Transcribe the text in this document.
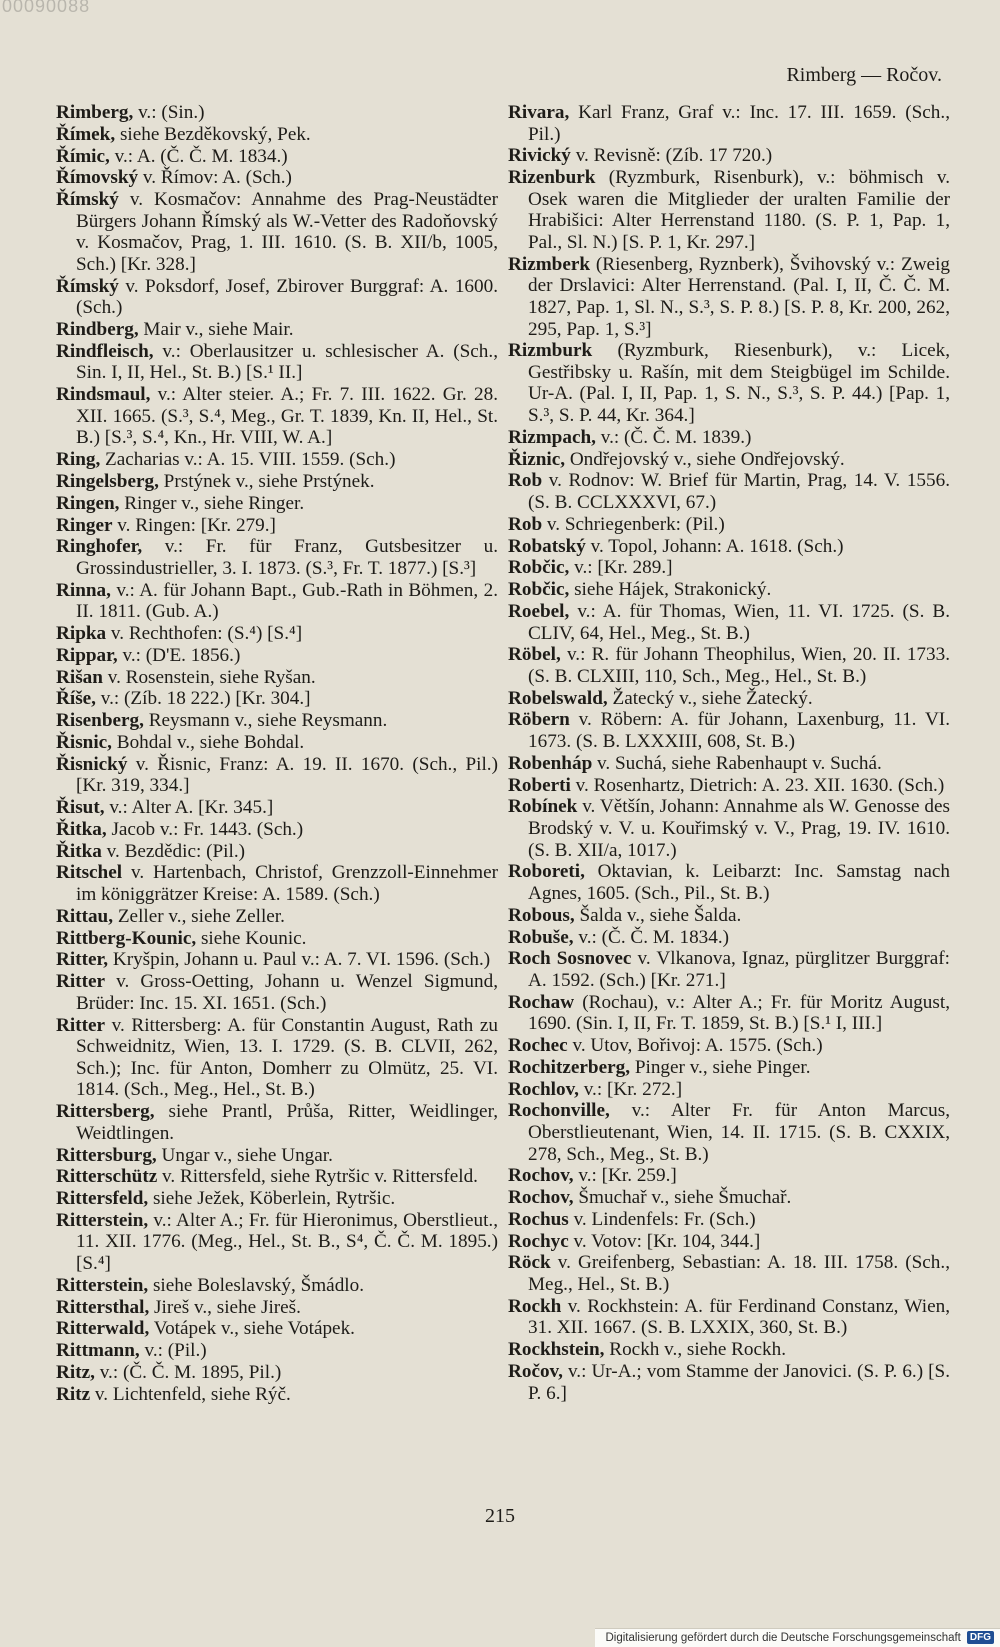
00090088
Rimberg — Ročov.
Rimberg, v.: (Sin.)
Římek, siehe Bezděkovský, Pek.
Římic, v.: A. (Č. Č. M. 1834.)
Římovský v. Římov: A. (Sch.)
Římský v. Kosmačov: Annahme des Prag-Neustädter Bürgers Johann Římský als W.-Vetter des Radoňovský v. Kosmačov, Prag, 1. III. 1610. (S. B. XII/b, 1005, Sch.) [Kr. 328.]
Římský v. Poksdorf, Josef, Zbirover Burggraf: A. 1600. (Sch.)
Rindberg, Mair v., siehe Mair.
Rindfleisch, v.: Oberlausitzer u. schlesischer A. (Sch., Sin. I, II, Hel., St. B.) [S.¹ II.]
Rindsmaul, v.: Alter steier. A.; Fr. 7. III. 1622. Gr. 28. XII. 1665. (S.³, S.⁴, Meg., Gr. T. 1839, Kn. II, Hel., St. B.) [S.³, S.⁴, Kn., Hr. VIII, W. A.]
Ring, Zacharias v.: A. 15. VIII. 1559. (Sch.)
Ringelsberg, Prstýnek v., siehe Prstýnek.
Ringen, Ringer v., siehe Ringer.
Ringer v. Ringen: [Kr. 279.]
Ringhofer, v.: Fr. für Franz, Gutsbesitzer u. Grossindustrieller, 3. I. 1873. (S.³, Fr. T. 1877.) [S.³]
Rinna, v.: A. für Johann Bapt., Gub.-Rath in Böhmen, 2. II. 1811. (Gub. A.)
Ripka v. Rechthofen: (S.⁴) [S.⁴]
Rippar, v.: (D'E. 1856.)
Rišan v. Rosenstein, siehe Ryšan.
Říše, v.: (Zíb. 18 222.) [Kr. 304.]
Risenberg, Reysmann v., siehe Reysmann.
Řisnic, Bohdal v., siehe Bohdal.
Řisnický v. Řisnic, Franz: A. 19. II. 1670. (Sch., Pil.) [Kr. 319, 334.]
Řisut, v.: Alter A. [Kr. 345.]
Řitka, Jacob v.: Fr. 1443. (Sch.)
Řitka v. Bezdědic: (Pil.)
Ritschel v. Hartenbach, Christof, Grenzzoll-Einnehmer im königgrätzer Kreise: A. 1589. (Sch.)
Rittau, Zeller v., siehe Zeller.
Rittberg-Kounic, siehe Kounic.
Ritter, Kryšpin, Johann u. Paul v.: A. 7. VI. 1596. (Sch.)
Ritter v. Gross-Oetting, Johann u. Wenzel Sigmund, Brüder: Inc. 15. XI. 1651. (Sch.)
Ritter v. Rittersberg: A. für Constantin August, Rath zu Schweidnitz, Wien, 13. I. 1729. (S. B. CLVII, 262, Sch.); Inc. für Anton, Domherr zu Olmütz, 25. VI. 1814. (Sch., Meg., Hel., St. B.)
Rittersberg, siehe Prantl, Průša, Ritter, Weidlinger, Weidtlingen.
Rittersburg, Ungar v., siehe Ungar.
Ritterschütz v. Rittersfeld, siehe Rytršic v. Rittersfeld.
Rittersfeld, siehe Ježek, Köberlein, Rytršic.
Ritterstein, v.: Alter A.; Fr. für Hieronimus, Oberstlieut., 11. XII. 1776. (Meg., Hel., St. B., S⁴, Č. Č. M. 1895.) [S.⁴]
Ritterstein, siehe Boleslavský, Šmádlo.
Rittersthal, Jireš v., siehe Jireš.
Ritterwald, Votápek v., siehe Votápek.
Rittmann, v.: (Pil.)
Ritz, v.: (Č. Č. M. 1895, Pil.)
Ritz v. Lichtenfeld, siehe Rýč.
Rivara, Karl Franz, Graf v.: Inc. 17. III. 1659. (Sch., Pil.)
Rivický v. Revisně: (Zíb. 17 720.)
Rizenburk (Ryzmburk, Risenburk), v.: böhmisch v. Osek waren die Mitglieder der uralten Familie der Hrabišici: Alter Herrenstand 1180. (S. P. 1, Pap. 1, Pal., Sl. N.) [S. P. 1, Kr. 297.]
Rizmberk (Riesenberg, Ryznberk), Švihovský v.: Zweig der Drslavici: Alter Herrenstand. (Pal. I, II, Č. Č. M. 1827, Pap. 1, Sl. N., S.³, S. P. 8.) [S. P. 8, Kr. 200, 262, 295, Pap. 1, S.³]
Rizmburk (Ryzmburk, Riesenburk), v.: Licek, Gestřibsky u. Rašín, mit dem Steigbügel im Schilde. Ur-A. (Pal. I, II, Pap. 1, S. N., S.³, S. P. 44.) [Pap. 1, S.³, S. P. 44, Kr. 364.]
Rizmpach, v.: (Č. Č. M. 1839.)
Řiznic, Ondřejovský v., siehe Ondřejovský.
Rob v. Rodnov: W. Brief für Martin, Prag, 14. V. 1556. (S. B. CCLXXXVI, 67.)
Rob v. Schriegenberk: (Pil.)
Robatský v. Topol, Johann: A. 1618. (Sch.)
Robčic, v.: [Kr. 289.]
Robčic, siehe Hájek, Strakonický.
Roebel, v.: A. für Thomas, Wien, 11. VI. 1725. (S. B. CLIV, 64, Hel., Meg., St. B.)
Röbel, v.: R. für Johann Theophilus, Wien, 20. II. 1733. (S. B. CLXIII, 110, Sch., Meg., Hel., St. B.)
Robelswald, Žatecký v., siehe Žatecký.
Röbern v. Röbern: A. für Johann, Laxenburg, 11. VI. 1673. (S. B. LXXXIII, 608, St. B.)
Robenháp v. Suchá, siehe Rabenhaupt v. Suchá.
Roberti v. Rosenhartz, Dietrich: A. 23. XII. 1630. (Sch.)
Robínek v. Většín, Johann: Annahme als W. Genosse des Brodský v. V. u. Kouřimský v. V., Prag, 19. IV. 1610. (S. B. XII/a, 1017.)
Roboreti, Oktavian, k. Leibarzt: Inc. Samstag nach Agnes, 1605. (Sch., Pil., St. B.)
Robous, Šalda v., siehe Šalda.
Robuše, v.: (Č. Č. M. 1834.)
Roch Sosnovec v. Vlkanova, Ignaz, pürglitzer Burggraf: A. 1592. (Sch.) [Kr. 271.]
Rochaw (Rochau), v.: Alter A.; Fr. für Moritz August, 1690. (Sin. I, II, Fr. T. 1859, St. B.) [S.¹ I, III.]
Rochec v. Utov, Bořivoj: A. 1575. (Sch.)
Rochitzerberg, Pinger v., siehe Pinger.
Rochlov, v.: [Kr. 272.]
Rochonville, v.: Alter Fr. für Anton Marcus, Oberstlieutenant, Wien, 14. II. 1715. (S. B. CXXIX, 278, Sch., Meg., St. B.)
Rochov, v.: [Kr. 259.]
Rochov, Šmuchař v., siehe Šmuchař.
Rochus v. Lindenfels: Fr. (Sch.)
Rochyc v. Votov: [Kr. 104, 344.]
Röck v. Greifenberg, Sebastian: A. 18. III. 1758. (Sch., Meg., Hel., St. B.)
Rockh v. Rockhstein: A. für Ferdinand Constanz, Wien, 31. XII. 1667. (S. B. LXXIX, 360, St. B.)
Rockhstein, Rockh v., siehe Rockh.
Ročov, v.: Ur-A.; vom Stamme der Janovici. (S. P. 6.) [S. P. 6.]
215
Digitalisierung gefördert durch die Deutsche Forschungsgemeinschaft DFG
